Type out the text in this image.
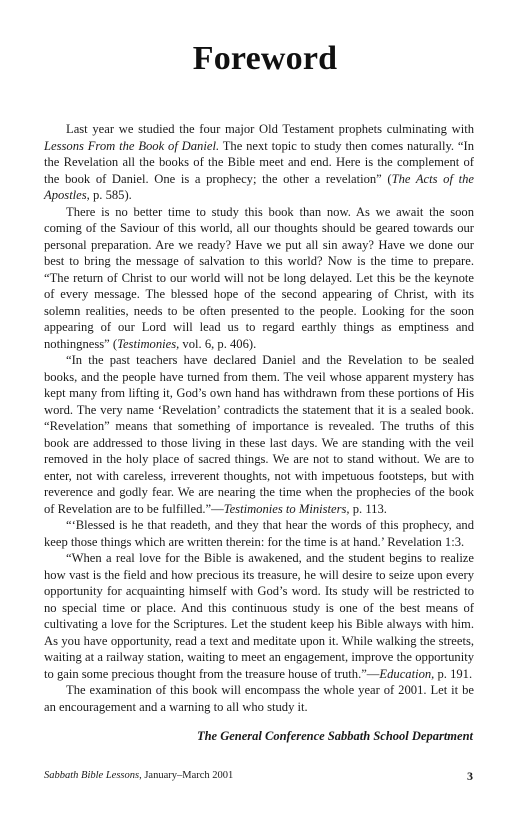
Foreword

Last year we studied the four major Old Testament prophets culminating with Lessons From the Book of Daniel. The next topic to study then comes naturally. “In the Revelation all the books of the Bible meet and end. Here is the complement of the book of Daniel. One is a prophecy; the other a revelation” (The Acts of the Apostles, p. 585).

There is no better time to study this book than now. As we await the soon coming of the Saviour of this world, all our thoughts should be geared towards our personal preparation. Are we ready? Have we put all sin away? Have we done our best to bring the message of salvation to this world? Now is the time to prepare. “The return of Christ to our world will not be long delayed. Let this be the keynote of every message. The blessed hope of the second appearing of Christ, with its solemn realities, needs to be often presented to the people. Looking for the soon appearing of our Lord will lead us to regard earthly things as emptiness and nothingness” (Testimonies, vol. 6, p. 406).

“In the past teachers have declared Daniel and the Revelation to be sealed books, and the people have turned from them. The veil whose apparent mystery has kept many from lifting it, God’s own hand has withdrawn from these portions of His word. The very name ‘Revelation’ contradicts the statement that it is a sealed book. “Revelation” means that something of importance is revealed. The truths of this book are addressed to those living in these last days. We are standing with the veil removed in the holy place of sacred things. We are not to stand without. We are to enter, not with careless, irreverent thoughts, not with impetuous footsteps, but with reverence and godly fear. We are nearing the time when the prophecies of the book of Revelation are to be fulfilled.”—Testimonies to Ministers, p. 113.

“‘Blessed is he that readeth, and they that hear the words of this prophecy, and keep those things which are written therein: for the time is at hand.’ Revelation 1:3.

“When a real love for the Bible is awakened, and the student begins to realize how vast is the field and how precious its treasure, he will desire to seize upon every opportunity for acquainting himself with God’s word. Its study will be restricted to no special time or place. And this continuous study is one of the best means of cultivating a love for the Scriptures. Let the student keep his Bible always with him. As you have opportunity, read a text and meditate upon it. While walking the streets, waiting at a railway station, waiting to meet an engagement, improve the opportunity to gain some precious thought from the treasure house of truth.”—Education, p. 191.

The examination of this book will encompass the whole year of 2001. Let it be an encouragement and a warning to all who study it.

The General Conference Sabbath School Department
Sabbath Bible Lessons, January–March 2001	3
